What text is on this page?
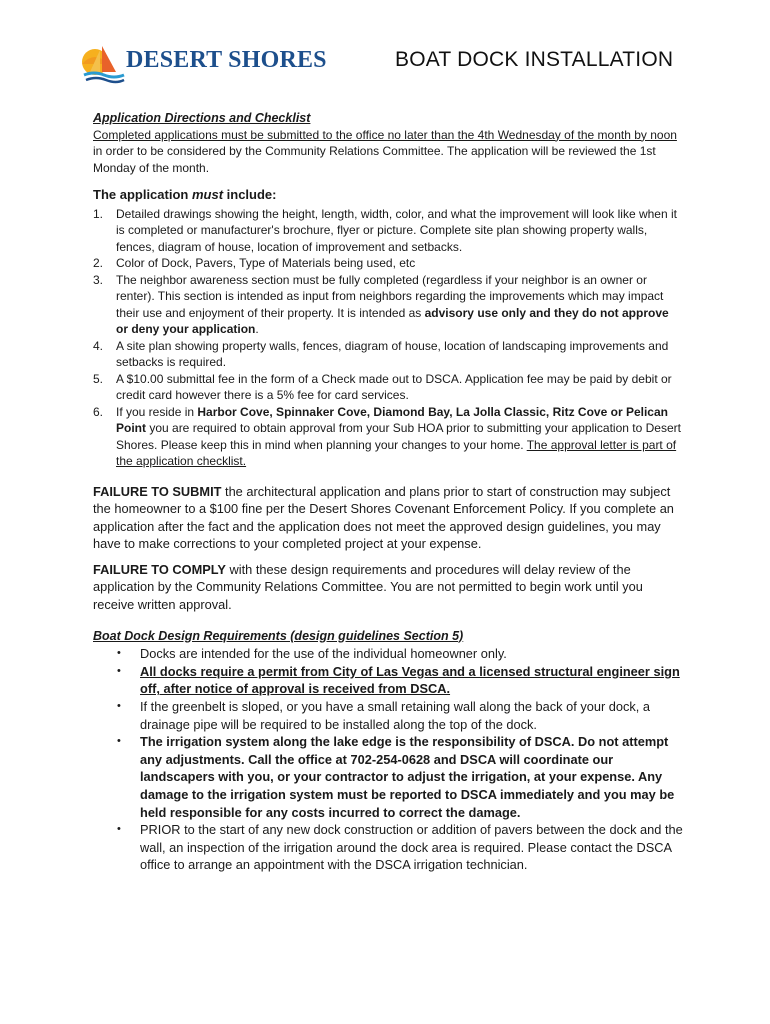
DESERT SHORES	BOAT DOCK INSTALLATION

Application Directions and Checklist

Completed applications must be submitted to the office no later than the 4th Wednesday of the month by noon in order to be considered by the Community Relations Committee. The application will be reviewed the 1st Monday of the month.

The application must include:

1. Detailed drawings showing the height, length, width, color, and what the improvement will look like when it is completed or manufacturer's brochure, flyer or picture. Complete site plan showing property walls, fences, diagram of house, location of improvement and setbacks.
2. Color of Dock, Pavers, Type of Materials being used, etc
3. The neighbor awareness section must be fully completed (regardless if your neighbor is an owner or renter). This section is intended as input from neighbors regarding the improvements which may impact their use and enjoyment of their property. It is intended as advisory use only and they do not approve or deny your application.
4. A site plan showing property walls, fences, diagram of house, location of landscaping improvements and setbacks is required.
5. A $10.00 submittal fee in the form of a Check made out to DSCA. Application fee may be paid by debit or credit card however there is a 5% fee for card services.
6. If you reside in Harbor Cove, Spinnaker Cove, Diamond Bay, La Jolla Classic, Ritz Cove or Pelican Point you are required to obtain approval from your Sub HOA prior to submitting your application to Desert Shores. Please keep this in mind when planning your changes to your home. The approval letter is part of the application checklist.

FAILURE TO SUBMIT the architectural application and plans prior to start of construction may subject the homeowner to a $100 fine per the Desert Shores Covenant Enforcement Policy. If you complete an application after the fact and the application does not meet the approved design guidelines, you may have to make corrections to your completed project at your expense.

FAILURE TO COMPLY with these design requirements and procedures will delay review of the application by the Community Relations Committee. You are not permitted to begin work until you receive written approval.

Boat Dock Design Requirements (design guidelines Section 5)

• Docks are intended for the use of the individual homeowner only.
• All docks require a permit from City of Las Vegas and a licensed structural engineer sign off, after notice of approval is received from DSCA.
• If the greenbelt is sloped, or you have a small retaining wall along the back of your dock, a drainage pipe will be required to be installed along the top of the dock.
• The irrigation system along the lake edge is the responsibility of DSCA. Do not attempt any adjustments. Call the office at 702-254-0628 and DSCA will coordinate our landscapers with you, or your contractor to adjust the irrigation, at your expense. Any damage to the irrigation system must be reported to DSCA immediately and you may be held responsible for any costs incurred to correct the damage.
• PRIOR to the start of any new dock construction or addition of pavers between the dock and the wall, an inspection of the irrigation around the dock area is required. Please contact the DSCA office to arrange an appointment with the DSCA irrigation technician.
